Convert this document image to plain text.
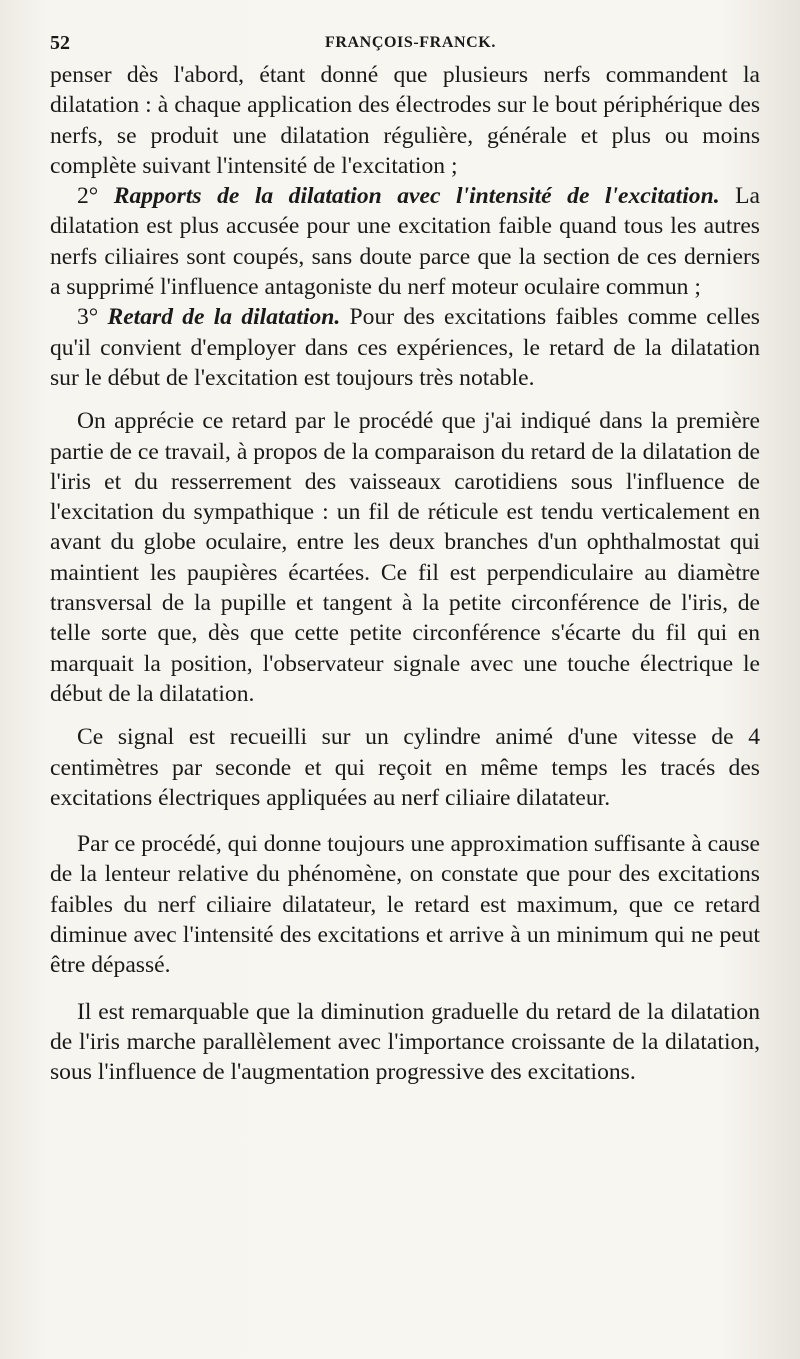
52	FRANÇOIS-FRANCK.

penser dès l'abord, étant donné que plusieurs nerfs commandent la dilatation : à chaque application des électrodes sur le bout périphérique des nerfs, se produit une dilatation régulière, générale et plus ou moins complète suivant l'intensité de l'excitation ;

2° Rapports de la dilatation avec l'intensité de l'excitation. La dilatation est plus accusée pour une excitation faible quand tous les autres nerfs ciliaires sont coupés, sans doute parce que la section de ces derniers a supprimé l'influence antagoniste du nerf moteur oculaire commun ;

3° Retard de la dilatation. Pour des excitations faibles comme celles qu'il convient d'employer dans ces expériences, le retard de la dilatation sur le début de l'excitation est toujours très notable.

On apprécie ce retard par le procédé que j'ai indiqué dans la première partie de ce travail, à propos de la comparaison du retard de la dilatation de l'iris et du resserrement des vaisseaux carotidiens sous l'influence de l'excitation du sympathique : un fil de réticule est tendu verticalement en avant du globe oculaire, entre les deux branches d'un ophthalmostat qui maintient les paupières écartées. Ce fil est perpendiculaire au diamètre transversal de la pupille et tangent à la petite circonférence de l'iris, de telle sorte que, dès que cette petite circonférence s'écarte du fil qui en marquait la position, l'observateur signale avec une touche électrique le début de la dilatation.

Ce signal est recueilli sur un cylindre animé d'une vitesse de 4 centimètres par seconde et qui reçoit en même temps les tracés des excitations électriques appliquées au nerf ciliaire dilatateur.

Par ce procédé, qui donne toujours une approximation suffisante à cause de la lenteur relative du phénomène, on constate que pour des excitations faibles du nerf ciliaire dilatateur, le retard est maximum, que ce retard diminue avec l'intensité des excitations et arrive à un minimum qui ne peut être dépassé.

Il est remarquable que la diminution graduelle du retard de la dilatation de l'iris marche parallèlement avec l'importance croissante de la dilatation, sous l'influence de l'augmentation progressive des excitations.
